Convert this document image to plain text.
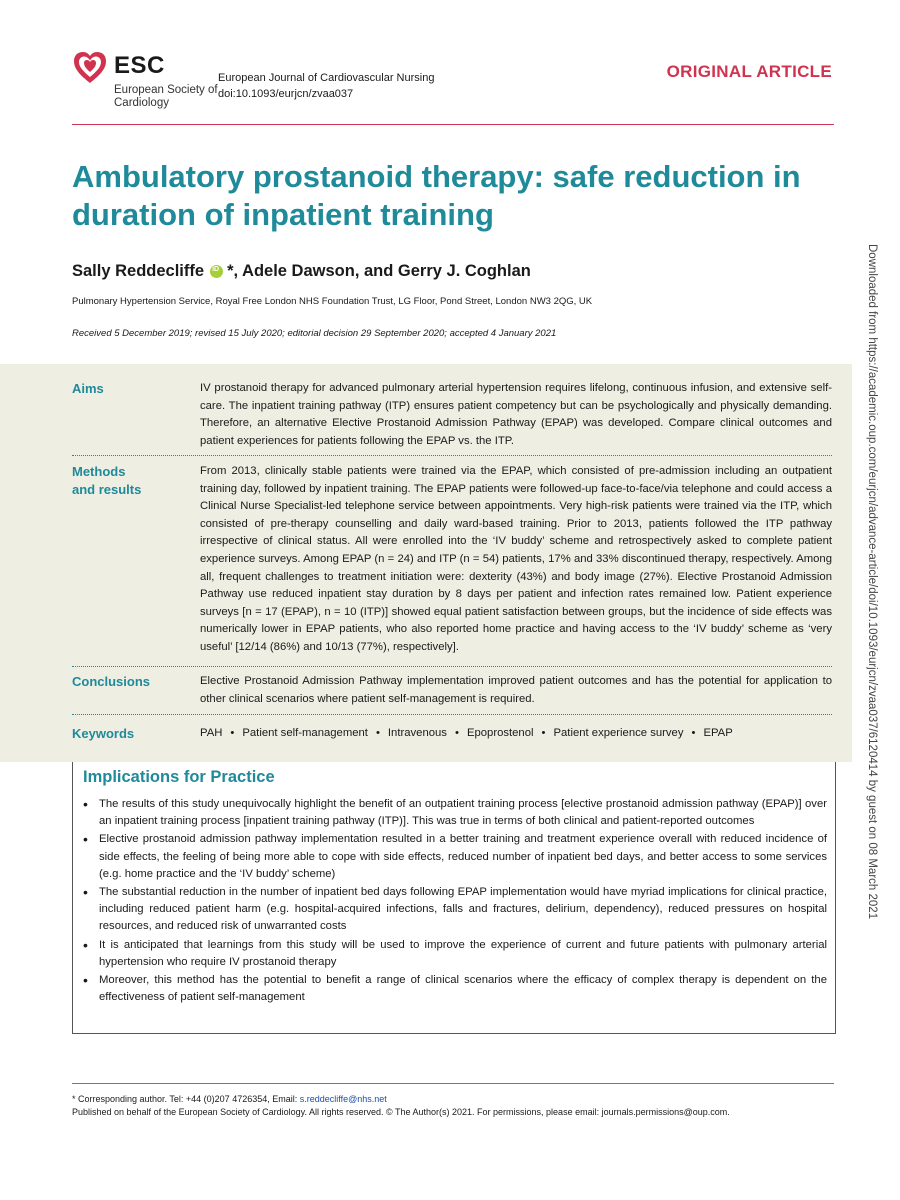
ESC
European Society of Cardiology
European Journal of Cardiovascular Nursing
doi:10.1093/eurjcn/zvaa037
ORIGINAL ARTICLE
Ambulatory prostanoid therapy: safe reduction in duration of inpatient training
Sally Reddecliffe
iD *, Adele Dawson, and Gerry J. Coghlan
Pulmonary Hypertension Service, Royal Free London NHS Foundation Trust, LG Floor, Pond Street, London NW3 2QG, UK
Received 5 December 2019; revised 15 July 2020; editorial decision 29 September 2020; accepted 4 January 2021
Aims	IV prostanoid therapy for advanced pulmonary arterial hypertension requires lifelong, continuous infusion, and extensive self-care. The inpatient training pathway (ITP) ensures patient competency but can be psychologically and physically demanding. Therefore, an alternative Elective Prostanoid Admission Pathway (EPAP) was developed. Compare clinical outcomes and patient experiences for patients following the EPAP vs. the ITP.
Methods
and results
From 2013, clinically stable patients were trained via the EPAP, which consisted of pre-admission including an outpatient training day, followed by inpatient training. The EPAP patients were followed-up face-to-face/via telephone and could access a Clinical Nurse Specialist-led telephone service between appointments. Very high-risk patients were trained via the ITP, which consisted of pre-therapy counselling and daily ward-based training. Prior to 2013, patients followed the ITP pathway irrespective of clinical status. All were enrolled into the ‘IV buddy’ scheme and retrospectively asked to complete patient experience surveys. Among EPAP (n = 24) and ITP (n = 54) patients, 17% and 33% discontinued therapy, respectively. Among all, frequent challenges to treatment initiation were: dexterity (43%) and body image (27%). Elective Prostanoid Admission Pathway use reduced inpatient stay duration by 8 days per patient and infection rates remained low. Patient experience surveys [n = 17 (EPAP), n = 10 (ITP)] showed equal patient satisfaction between groups, but the incidence of side effects was numerically lower in EPAP patients, who also reported home practice and having access to the ‘IV buddy’ scheme as ‘very useful’ [12/14 (86%) and 10/13 (77%), respectively].
Conclusions	Elective Prostanoid Admission Pathway implementation improved patient outcomes and has the potential for application to other clinical scenarios where patient self-management is required.
Keywords	PAH • Patient self-management • Intravenous • Epoprostenol • Patient experience survey • EPAP
Implications for Practice
• The results of this study unequivocally highlight the benefit of an outpatient training process [elective prostanoid admission pathway (EPAP)] over an inpatient training process [inpatient training pathway (ITP)]. This was true in terms of both clinical and patient-reported outcomes
• Elective prostanoid admission pathway implementation resulted in a better training and treatment experience overall with reduced incidence of side effects, the feeling of being more able to cope with side effects, reduced number of inpatient bed days, and better access to some services (e.g. home practice and the ‘IV buddy’ scheme)
• The substantial reduction in the number of inpatient bed days following EPAP implementation would have myriad implications for clinical practice, including reduced patient harm (e.g. hospital-acquired infections, falls and fractures, delirium, dependency), reduced pressures on hospital resources, and reduced risk of unwarranted costs
• It is anticipated that learnings from this study will be used to improve the experience of current and future patients with pulmonary arterial hypertension who require IV prostanoid therapy
• Moreover, this method has the potential to benefit a range of clinical scenarios where the efficacy of complex therapy is dependent on the effectiveness of patient self-management
* Corresponding author. Tel: +44 (0)207 4726354, Email: s.reddecliffe@nhs.net
Published on behalf of the European Society of Cardiology. All rights reserved. © The Author(s) 2021. For permissions, please email: journals.permissions@oup.com.
Downloaded from https://academic.oup.com/eurjcn/advance-article/doi/10.1093/eurjcn/zvaa037/6120414 by guest on 08 March 2021
